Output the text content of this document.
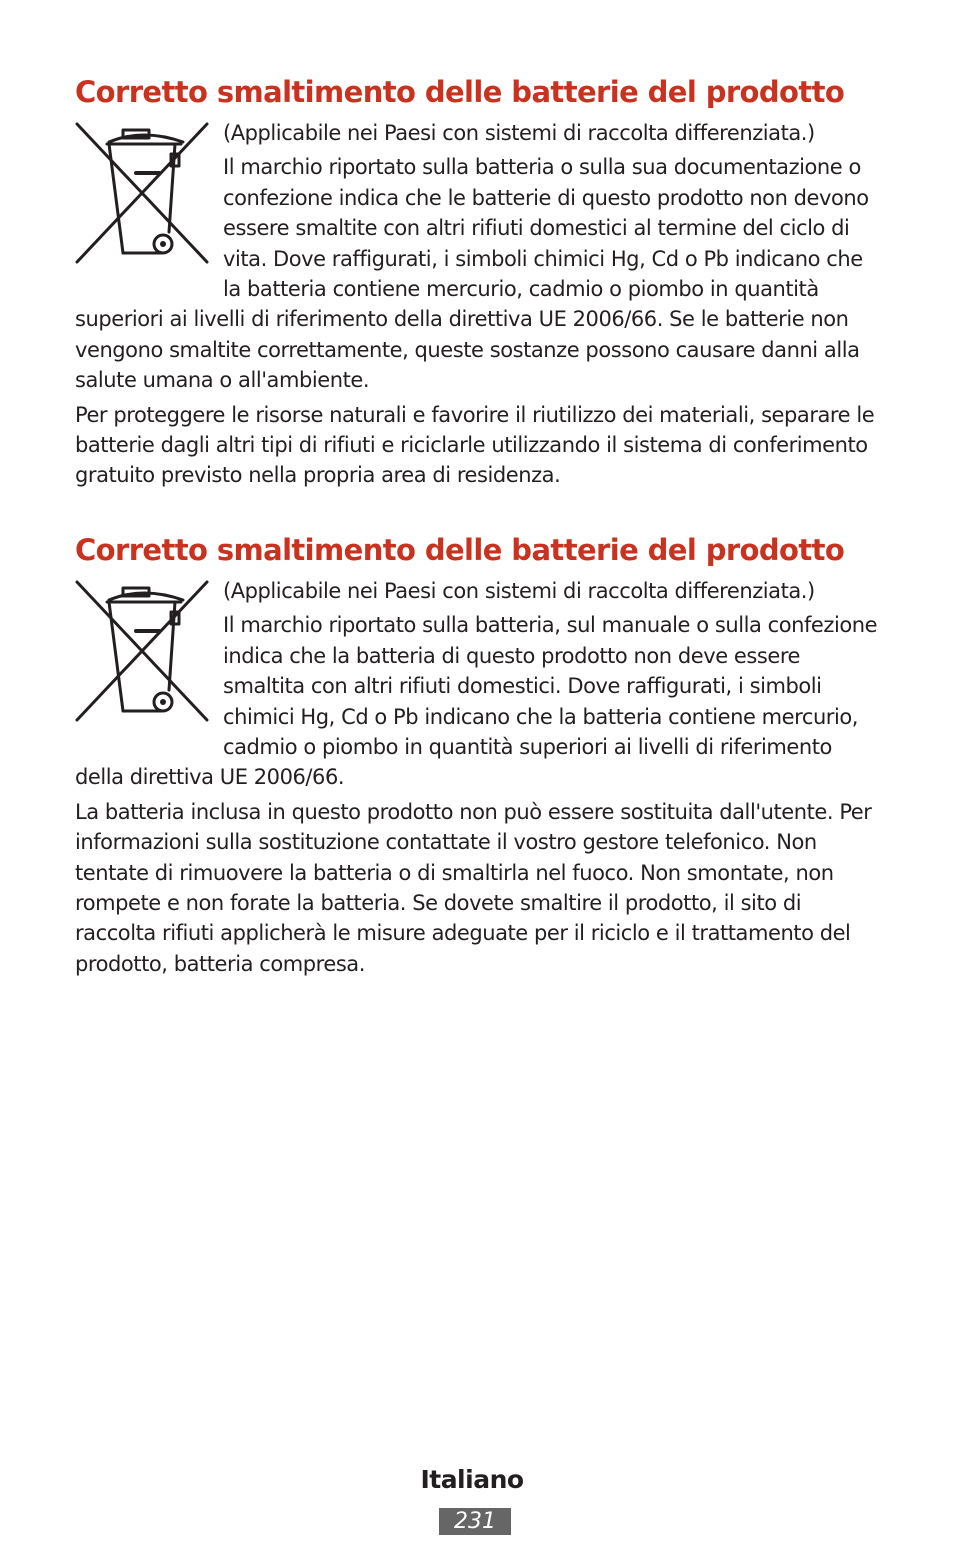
Corretto smaltimento delle batterie del prodotto

(Applicabile nei Paesi con sistemi di raccolta differenziata.)

Il marchio riportato sulla batteria o sulla sua documentazione o confezione indica che le batterie di questo prodotto non devono essere smaltite con altri rifiuti domestici al termine del ciclo di vita. Dove raffigurati, i simboli chimici Hg, Cd o Pb indicano che la batteria contiene mercurio, cadmio o piombo in quantità superiori ai livelli di riferimento della direttiva UE 2006/66. Se le batterie non vengono smaltite correttamente, queste sostanze possono causare danni alla salute umana o all'ambiente.

Per proteggere le risorse naturali e favorire il riutilizzo dei materiali, separare le batterie dagli altri tipi di rifiuti e riciclarle utilizzando il sistema di conferimento gratuito previsto nella propria area di residenza.

Corretto smaltimento delle batterie del prodotto

(Applicabile nei Paesi con sistemi di raccolta differenziata.)

Il marchio riportato sulla batteria, sul manuale o sulla confezione indica che la batteria di questo prodotto non deve essere smaltita con altri rifiuti domestici. Dove raffigurati, i simboli chimici Hg, Cd o Pb indicano che la batteria contiene mercurio, cadmio o piombo in quantità superiori ai livelli di riferimento della direttiva UE 2006/66.

La batteria inclusa in questo prodotto non può essere sostituita dall'utente. Per informazioni sulla sostituzione contattate il vostro gestore telefonico. Non tentate di rimuovere la batteria o di smaltirla nel fuoco. Non smontate, non rompete e non forate la batteria. Se dovete smaltire il prodotto, il sito di raccolta rifiuti applicherà le misure adeguate per il riciclo e il trattamento del prodotto, batteria compresa.

Italiano
231
